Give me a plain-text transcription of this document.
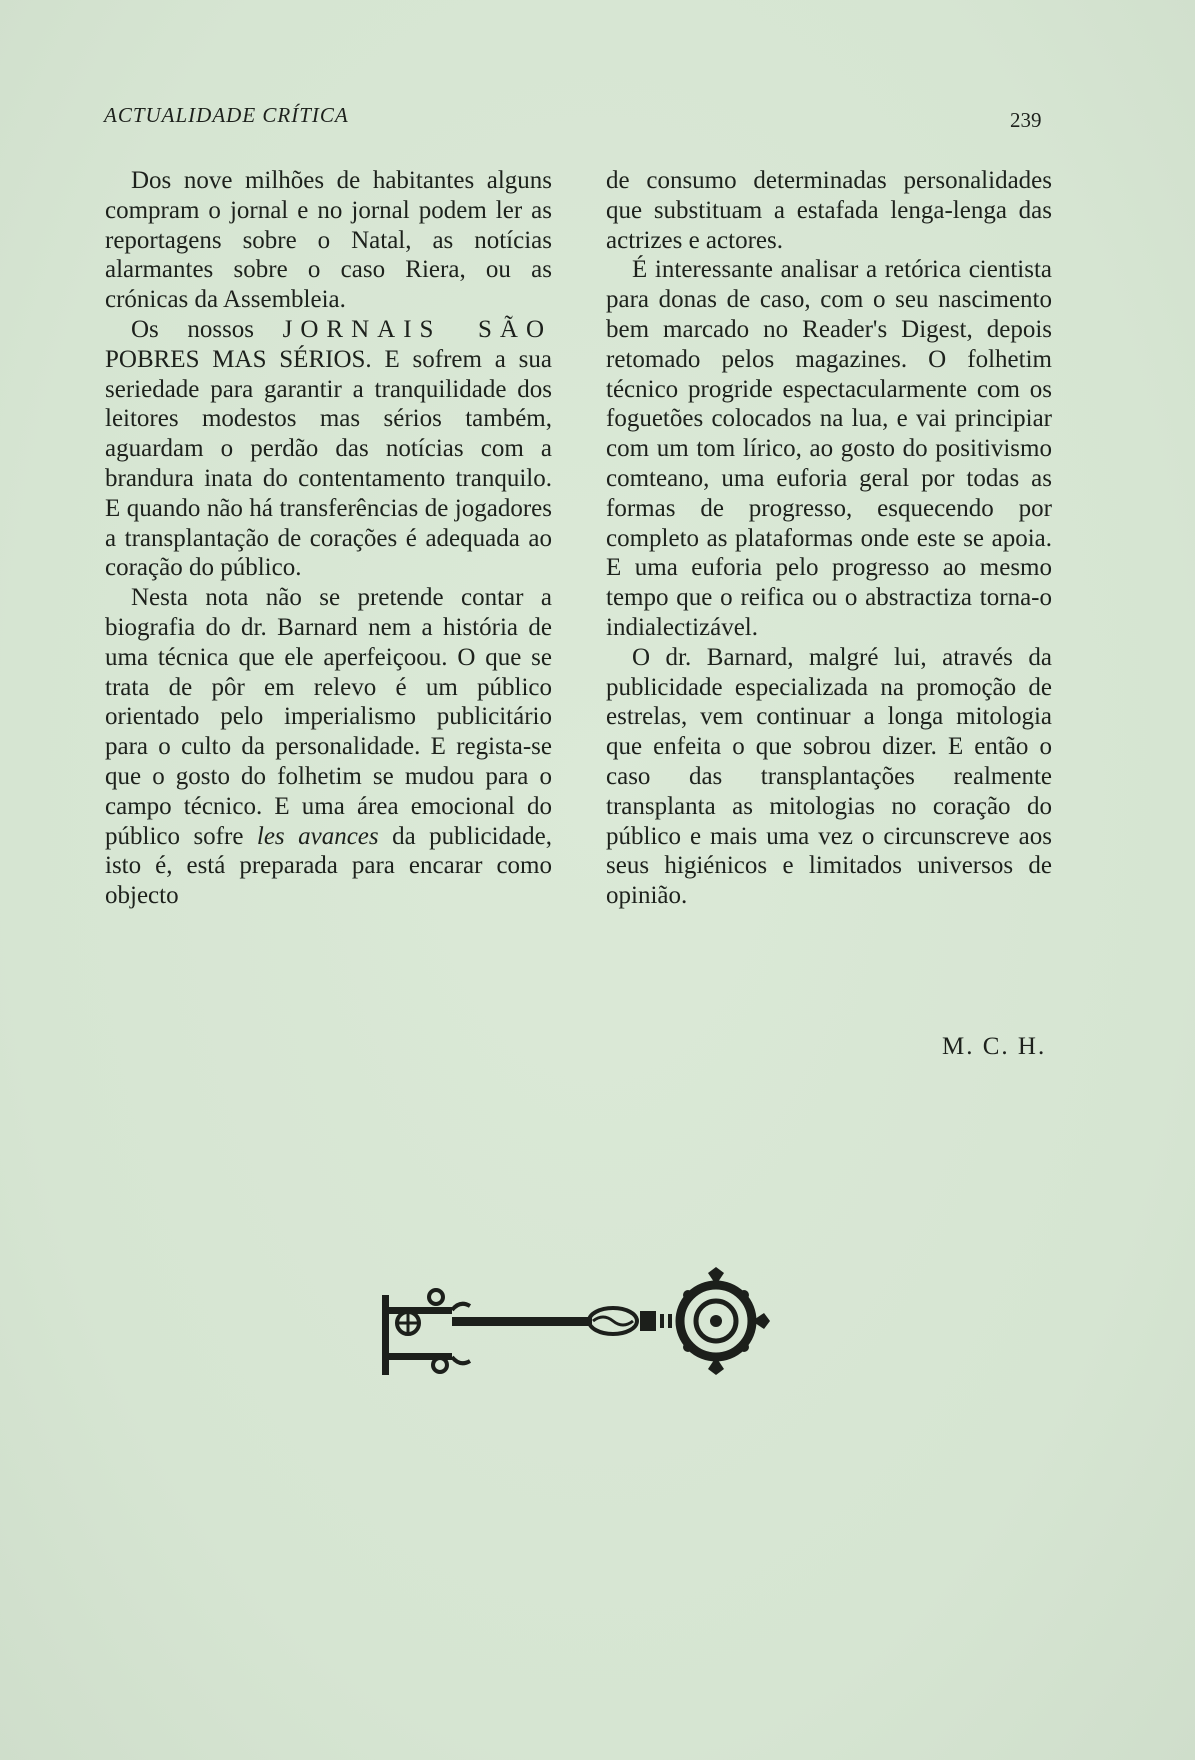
ACTUALIDADE CRÍTICA	239

Dos nove milhões de habitantes alguns compram o jornal e no jornal podem ler as reportagens sobre o Natal, as notícias alarmantes sobre o caso Riera, ou as crónicas da Assembleia.

Os nossos JORNAIS SÃO POBRES MAS SÉRIOS. E sofrem a sua seriedade para garantir a tranquilidade dos leitores modestos mas sérios também, aguardam o perdão das notícias com a brandura inata do contentamento tranquilo. E quando não há transferências de jogadores a transplantação de corações é adequada ao coração do público.

Nesta nota não se pretende contar a biografia do dr. Barnard nem a história de uma técnica que ele aperfeiçoou. O que se trata de pôr em relevo é um público orientado pelo imperialismo publicitário para o culto da personalidade. E regista-se que o gosto do folhetim se mudou para o campo técnico. E uma área emocional do público sofre les avances da publicidade, isto é, está preparada para encarar como objecto

de consumo determinadas personalidades que substituam a estafada lenga-lenga das actrizes e actores.

É interessante analisar a retórica cientista para donas de caso, com o seu nascimento bem marcado no Reader's Digest, depois retomado pelos magazines. O folhetim técnico progride espectacularmente com os foguetões colocados na lua, e vai principiar com um tom lírico, ao gosto do positivismo comteano, uma euforia geral por todas as formas de progresso, esquecendo por completo as plataformas onde este se apoia. E uma euforia pelo progresso ao mesmo tempo que o reifica ou o abstractiza torna-o indialectizável.

O dr. Barnard, malgré lui, através da publicidade especializada na promoção de estrelas, vem continuar a longa mitologia que enfeita o que sobrou dizer. E então o caso das transplantações realmente transplanta as mitologias no coração do público e mais uma vez o circunscreve aos seus higiénicos e limitados universos de opinião.

M. C. H.
